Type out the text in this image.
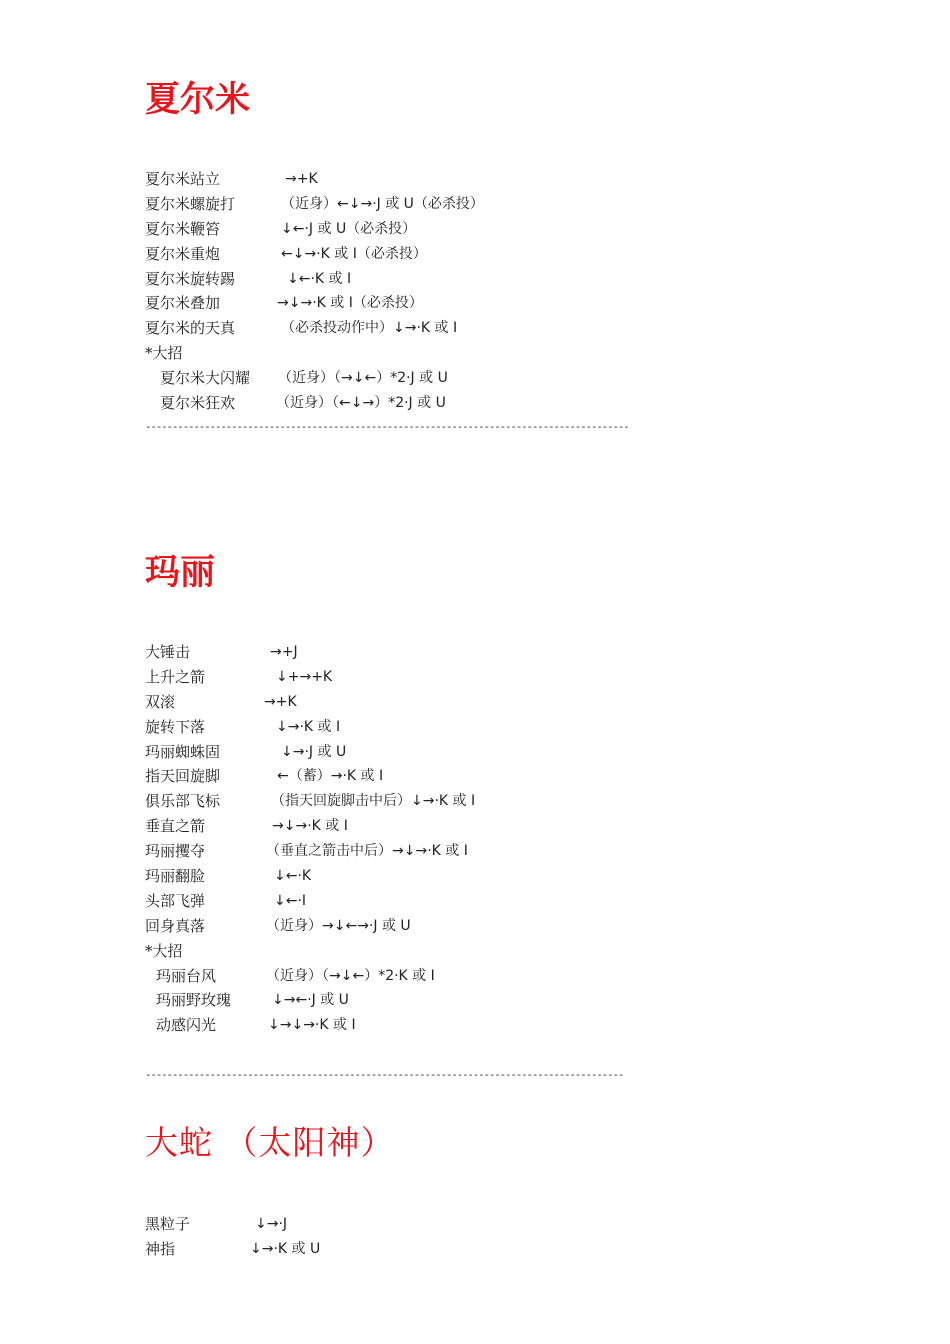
夏尔米
夏尔米站立	→+K
夏尔米螺旋打	（近身）←↓→·J 或 U（必杀投）
夏尔米鞭笞	↓←·J 或 U（必杀投）
夏尔米重炮	←↓→·K 或 I（必杀投）
夏尔米旋转踢	↓←·K 或 I
夏尔米叠加	→↓→·K 或 I（必杀投）
夏尔米的天真	（必杀投动作中）↓→·K 或 I
*大招
夏尔米大闪耀 （近身）（→↓←）*2·J 或 U
夏尔米狂欢	（近身）（←↓→）*2·J 或 U
------------------------------------------------------------------------------------------
玛丽
大锤击	→+J
上升之箭	↓+→+K
双滚	→+K
旋转下落	↓→·K 或 I
玛丽蜘蛛固	↓→·J 或 U
指天回旋脚	←（蓄）→·K 或 I
俱乐部飞标	（指天回旋脚击中后）↓→·K 或 I
垂直之箭	→↓→·K 或 I
玛丽攫夺	（垂直之箭击中后）→↓→·K 或 I
玛丽翻脸	↓←·K
头部飞弹	↓←·I
回身真落	（近身）→↓←→·J 或 U
*大招
玛丽台风	（近身）（→↓←）*2·K 或 I
玛丽野玫瑰	↓→←·J 或 U
动感闪光	↓→↓→·K 或 I
-----------------------------------------------------------------------------------------
大蛇 （太阳神）
黑粒子	↓→·J
神指	↓→·K 或 U
